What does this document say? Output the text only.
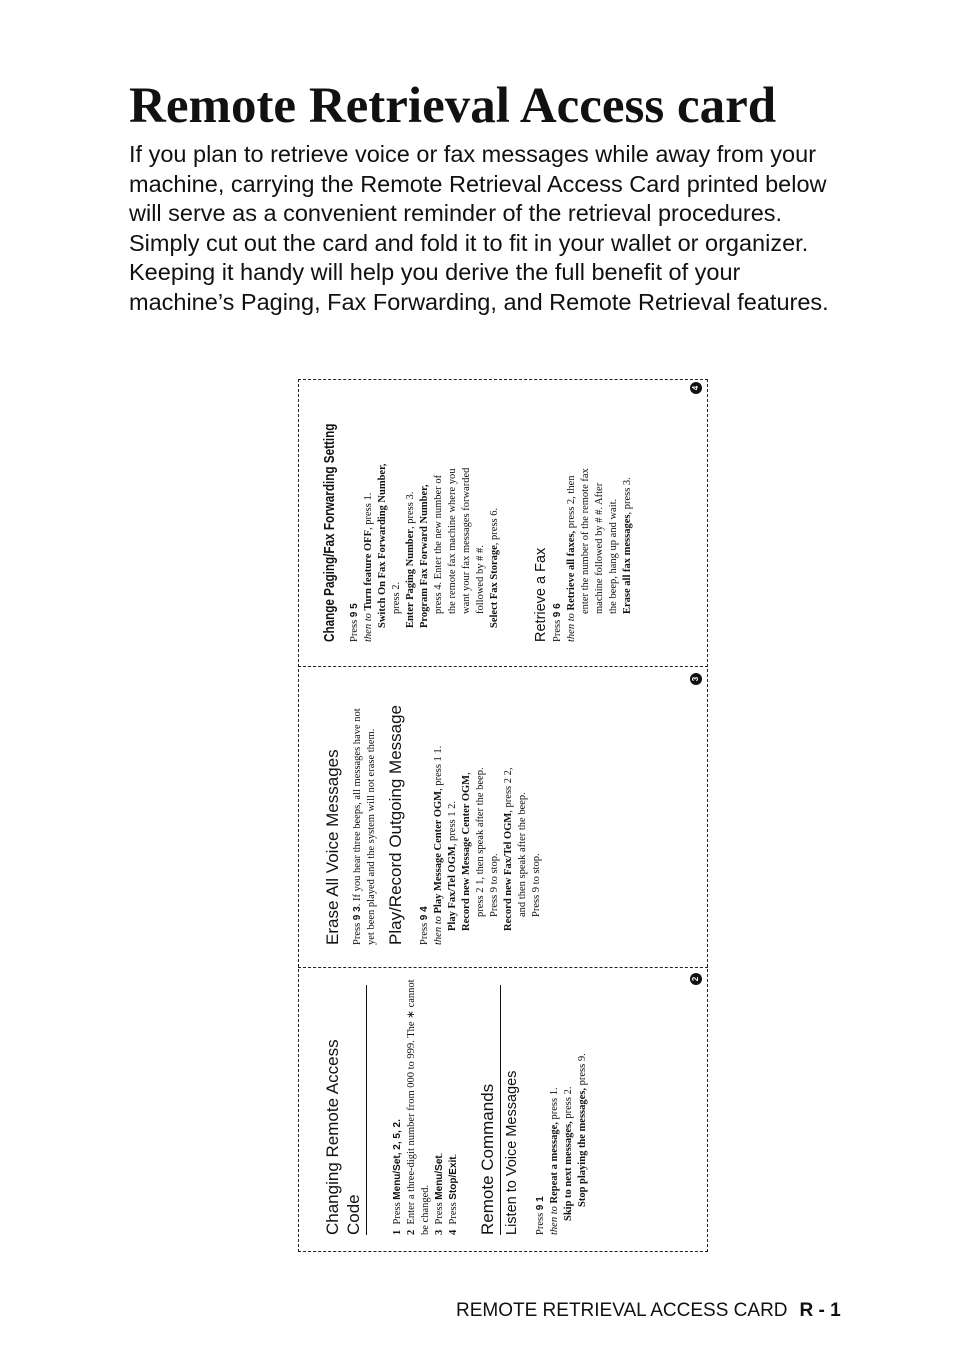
Remote Retrieval Access card
If you plan to retrieve voice or fax messages while away from your
machine, carrying the Remote Retrieval Access Card printed below
will serve as a convenient reminder of the retrieval procedures.
Simply cut out the card and fold it to fit in your wallet or organizer.
Keeping it handy will help you derive the full benefit of your
machine’s Paging, Fax Forwarding, and Remote Retrieval features.
Change Paging/Fax Forwarding Setting Press 9 5
then to Turn feature OFF, press 1. Switch On Fax Forwarding Number, press 2. Enter Paging Number, press 3. Program Fax Forward Number, press 4. Enter the new number of the remote fax machine where you want your fax messages forwarded followed by # #. Select Fax Storage, press 6.
Retrieve a Fax Press 9 6
then to Retrieve all faxes, press 2, then enter the number of the remote fax machine followed by # #. After the beep, hang up and wait. Erase all fax messages, press 3.
4
Erase All Voice Messages Press 9 3. If you hear three beeps, all messages have not yet been played and the system will not erase them. Play/Record Outgoing Message Press 9 4
then to Play Message Center OGM, press 1 1.
Play Fax/Tel OGM, press 1 2. Record new Message Center OGM, press 2 1, then speak after the beep. Press 9 to stop. Record new Fax/Tel OGM, press 2 2,
and then speak after the beep. Press 9 to stop.
3
Changing Remote Access Code	1  Press Menu/Set, 2, 5, 2.
2  Enter a three-digit number from 000 to 999. The ∗ cannot be changed. 3  Press Menu/Set.
4  Press Stop/Exit. Remote Commands Listen to Voice Messages Press 9 1
then to Repeat a message, press 1.
Skip to next messages, press 2. Stop playing the messages, press 9.
2
REMOTE RETRIEVAL ACCESS CARD R - 1
